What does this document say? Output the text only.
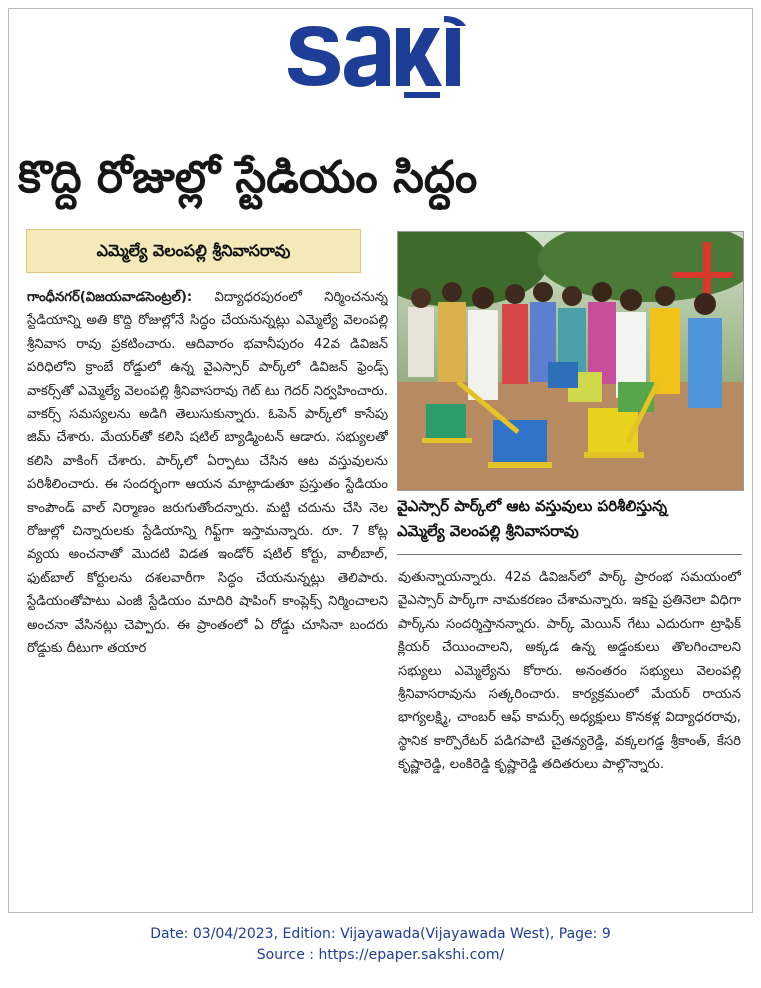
కొద్ది రోజుల్లో స్టేడియం సిద్ధం
ఎమ్మెల్యే వెలంపల్లి శ్రీనివాసరావు
గాంధీనగర్(విజయవాడసెంట్రల్): విద్యాధరపురంలో నిర్మించనున్న స్టేడియాన్ని అతి కొద్ది రోజుల్లోనే సిద్ధం చేయనున్నట్లు ఎమ్మెల్యే వెలంపల్లి శ్రీనివాస రావు ప్రకటించారు. ఆదివారం భవానీపురం 42వ డివిజన్ పరిధిలోని క్రాంబే రోడ్డులో ఉన్న వైఎస్సార్ పార్క్‌లో డివిజన్ ఫ్రెండ్స్ వాకర్స్‌తో ఎమ్మెల్యే వెలంపల్లి శ్రీనివాసరావు గెట్ టు గెదర్ నిర్వహించారు. వాకర్స్ సమస్యలను అడిగి తెలుసుకున్నారు. ఓపెన్ పార్క్‌లో కాసేపు జిమ్ చేశారు. మేయర్‌తో కలిసి షటిల్ బ్యాడ్మింటన్ ఆడారు. సభ్యులతో కలిసి వాకింగ్ చేశారు. పార్క్‌లో ఏర్పాటు చేసిన ఆట వస్తువులను పరిశీలించారు. ఈ సందర్భంగా ఆయన మాట్లాడుతూ ప్రస్తుతం స్టేడియం కాంపౌండ్ వాల్ నిర్మాణం జరుగుతోందన్నారు. మట్టి చదును చేసి నెల రోజుల్లో చిన్నారులకు స్టేడియాన్ని గిఫ్ట్‌గా ఇస్తామన్నారు. రూ. 7 కోట్ల వ్యయ అంచనాతో మొదటి విడత ఇండోర్ షటిల్ కోర్టు, వాలీబాల్, ఫుట్‌బాల్ కోర్టులను దశలవారీగా సిద్ధం చేయనున్నట్లు తెలిపారు. స్టేడియంతోపాటు ఎంజీ స్టేడియం మాదిరి షాపింగ్ కాంప్లెక్స్ నిర్మించాలని అంచనా వేసినట్లు చెప్పారు. ఈ ప్రాంతంలో ఏ రోడ్డు చూసినా బందరు రోడ్డుకు దీటుగా తయార
వైఎస్సార్ పార్క్‌లో ఆట వస్తువులు పరిశీలిస్తున్న
ఎమ్మెల్యే వెలంపల్లి శ్రీనివాసరావు
వుతున్నాయన్నారు. 42వ డివిజన్‌లో పార్క్ ప్రారంభ సమయంలో వైఎస్సార్ పార్క్‌గా నామకరణం చేశామన్నారు. ఇకపై ప్రతినెలా విధిగా పార్క్‌ను సందర్శిస్తానన్నారు. పార్క్ మెయిన్ గేటు ఎదురుగా ట్రాఫిక్ క్లియర్ చేయించాలని, అక్కడ ఉన్న అడ్డంకులు తొలగించాలని సభ్యులు ఎమ్మెల్యేను కోరారు. అనంతరం సభ్యులు వెలంపల్లి శ్రీనివాసరావును సత్కరించారు. కార్యక్రమంలో మేయర్ రాయన భాగ్యలక్ష్మి, చాంబర్ ఆఫ్ కామర్స్ అధ్యక్షులు కొనకళ్ల విద్యాధరరావు, స్థానిక కార్పొరేటర్ పడిగపాటి చైతన్యరెడ్డి, వక్కలగడ్డ శ్రీకాంత్, కేసరి కృష్ణారెడ్డి, లంకిరెడ్డి కృష్ణారెడ్డి తదితరులు పాల్గొన్నారు.
Date: 03/04/2023, Edition: Vijayawada(Vijayawada West), Page: 9
Source : https://epaper.sakshi.com/
